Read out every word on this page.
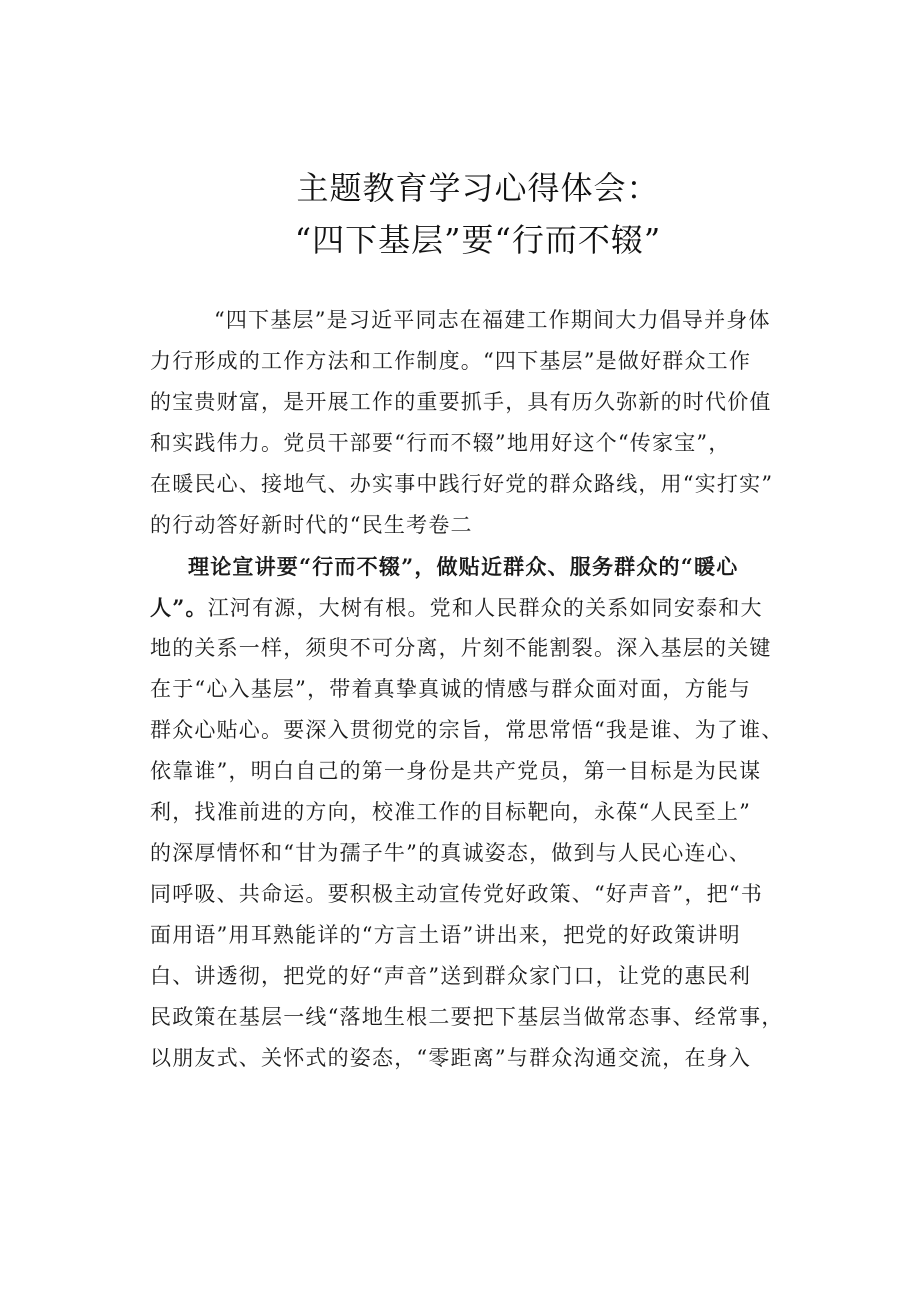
主题教育学习心得体会：
“四下基层”要“行而不辍”
“四下基层”是习近平同志在福建工作期间大力倡导并身体
力行形成的工作方法和工作制度。“四下基层”是做好群众工作
的宝贵财富，是开展工作的重要抓手，具有历久弥新的时代价值
和实践伟力。党员干部要“行而不辍”地用好这个“传家宝”，
在暖民心、接地气、办实事中践行好党的群众路线，用“实打实”
的行动答好新时代的“民生考卷二
理论宣讲要“行而不辍”，做贴近群众、服务群众的“暖心
人”。江河有源，大树有根。党和人民群众的关系如同安泰和大
地的关系一样，须臾不可分离，片刻不能割裂。深入基层的关键
在于“心入基层”，带着真挚真诚的情感与群众面对面，方能与
群众心贴心。要深入贯彻党的宗旨，常思常悟“我是谁、为了谁、
依靠谁”，明白自己的第一身份是共产党员，第一目标是为民谋
利，找准前进的方向，校准工作的目标靶向，永葆“人民至上”
的深厚情怀和“甘为孺子牛”的真诚姿态，做到与人民心连心、
同呼吸、共命运。要积极主动宣传党好政策、“好声音”，把“书
面用语”用耳熟能详的“方言土语”讲出来，把党的好政策讲明
白、讲透彻，把党的好“声音”送到群众家门口，让党的惠民利
民政策在基层一线“落地生根二要把下基层当做常态事、经常事，
以朋友式、关怀式的姿态，“零距离”与群众沟通交流，在身入
